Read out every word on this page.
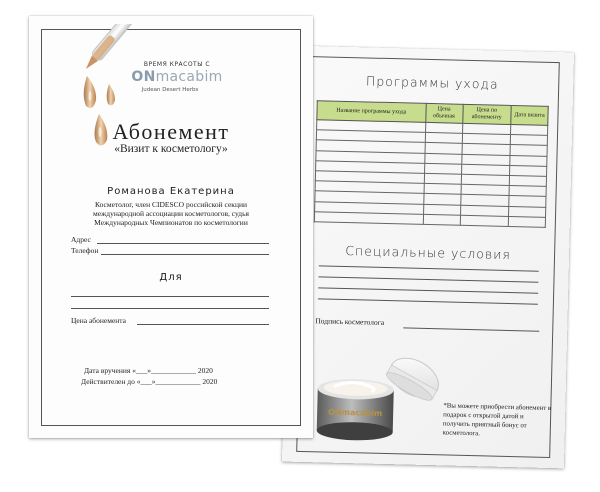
Программы ухода
Название программы ухода	Цена обычная	Цена по абонементу	Дата визита

Специальные условия
Подпись косметолога
ONmacabim
*Вы можете приобрести абонемент в подарок с открытой датой и получить приятный бонус от косметолога.
ВРЕМЯ КРАСОТЫ С
ONmacabim
Judean Desert Herbs
Абонемент
«Визит к косметологу»
Романова Екатерина
Косметолог, член CIDESCO российской секции
международной ассоциации косметологов, судья
Международных Чемпионатов по косметологии
Адрес
Телефон
Для
Цена абонемента
Дата вручения «___»____________ 2020
Действителен до «___»____________ 2020
